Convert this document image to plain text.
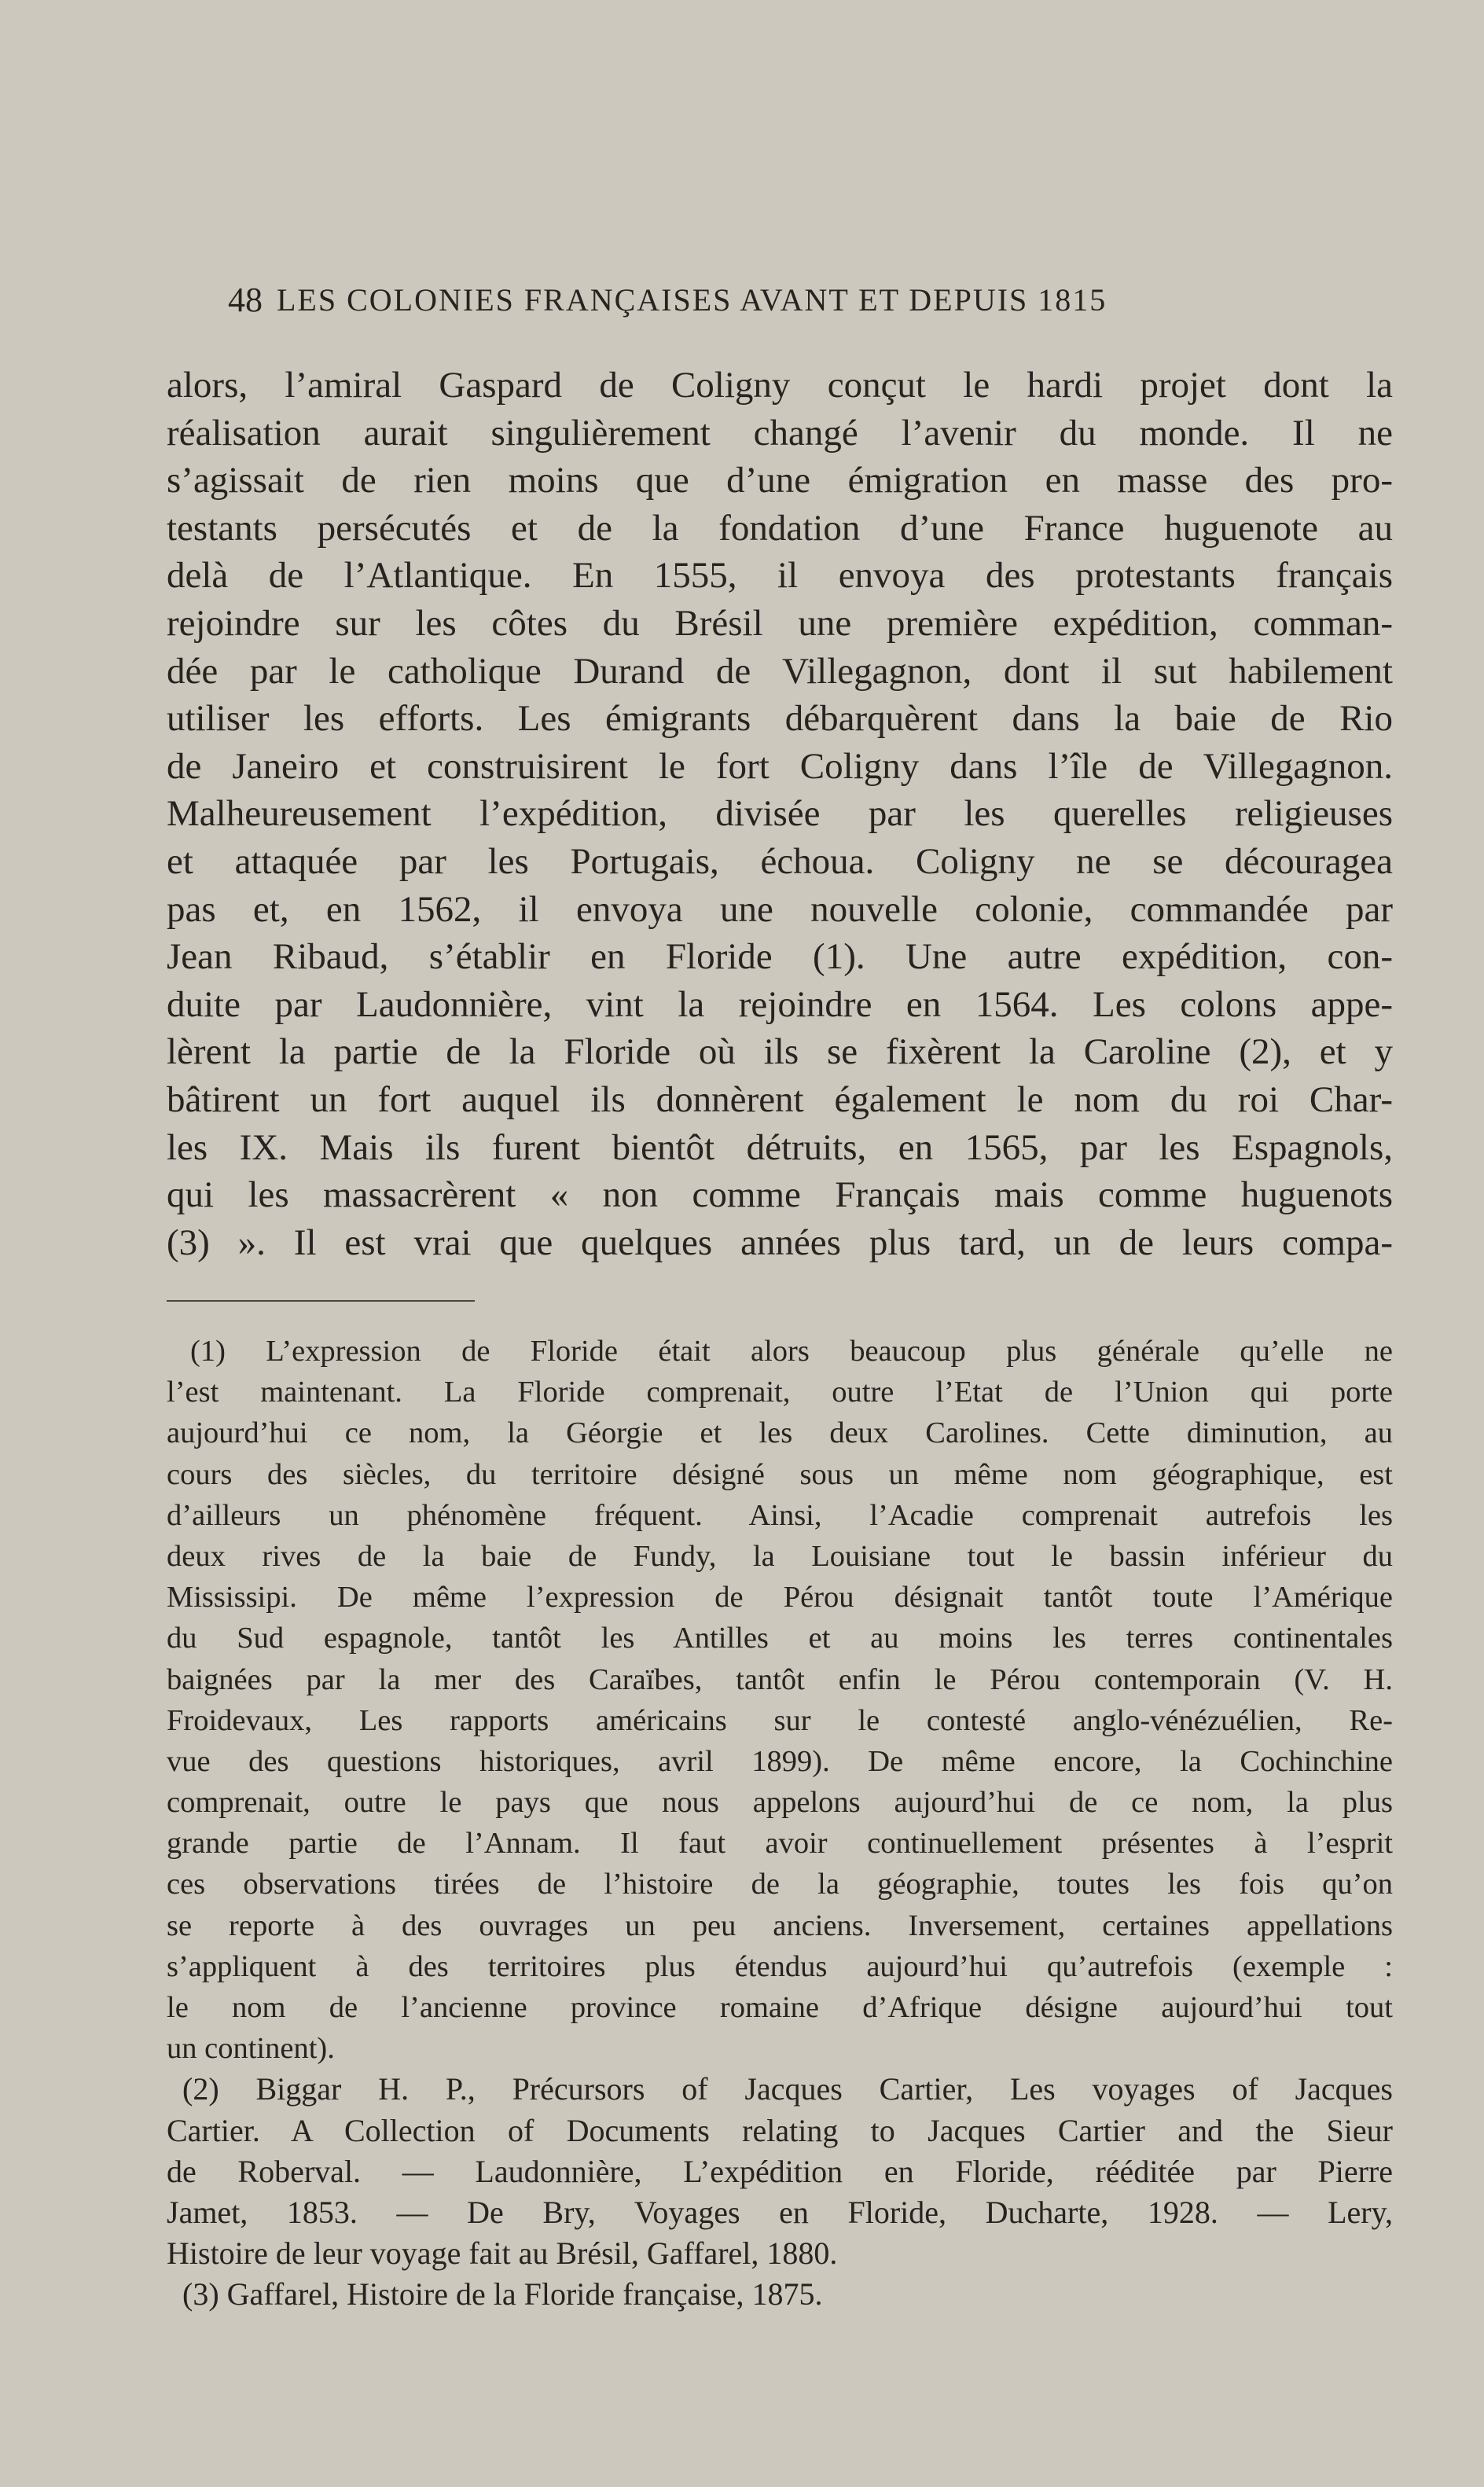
48 LES COLONIES FRANÇAISES AVANT ET DEPUIS 1815
alors, l’amiral Gaspard de Coligny conçut le hardi projet dont la
réalisation aurait singulièrement changé l’avenir du monde. Il ne
s’agissait de rien moins que d’une émigration en masse des pro-
testants persécutés et de la fondation d’une France huguenote au
delà de l’Atlantique. En 1555, il envoya des protestants français
rejoindre sur les côtes du Brésil une première expédition, comman-
dée par le catholique Durand de Villegagnon, dont il sut habilement
utiliser les efforts. Les émigrants débarquèrent dans la baie de Rio
de Janeiro et construisirent le fort Coligny dans l’île de Villegagnon.
Malheureusement l’expédition, divisée par les querelles religieuses
et attaquée par les Portugais, échoua. Coligny ne se découragea
pas et, en 1562, il envoya une nouvelle colonie, commandée par
Jean Ribaud, s’établir en Floride (1). Une autre expédition, con-
duite par Laudonnière, vint la rejoindre en 1564. Les colons appe-
lèrent la partie de la Floride où ils se fixèrent la Caroline (2), et y
bâtirent un fort auquel ils donnèrent également le nom du roi Char-
les IX. Mais ils furent bientôt détruits, en 1565, par les Espagnols,
qui les massacrèrent « non comme Français mais comme huguenots
(3) ». Il est vrai que quelques années plus tard, un de leurs compa-
(1) L’expression de Floride était alors beaucoup plus générale qu’elle ne
l’est maintenant. La Floride comprenait, outre l’Etat de l’Union qui porte
aujourd’hui ce nom, la Géorgie et les deux Carolines. Cette diminution, au
cours des siècles, du territoire désigné sous un même nom géographique, est
d’ailleurs un phénomène fréquent. Ainsi, l’Acadie comprenait autrefois les
deux rives de la baie de Fundy, la Louisiane tout le bassin inférieur du
Mississipi. De même l’expression de Pérou désignait tantôt toute l’Amérique
du Sud espagnole, tantôt les Antilles et au moins les terres continentales
baignées par la mer des Caraïbes, tantôt enfin le Pérou contemporain (V. H.
Froidevaux, Les rapports américains sur le contesté anglo-vénézuélien, Re-
vue des questions historiques, avril 1899). De même encore, la Cochinchine
comprenait, outre le pays que nous appelons aujourd’hui de ce nom, la plus
grande partie de l’Annam. Il faut avoir continuellement présentes à l’esprit
ces observations tirées de l’histoire de la géographie, toutes les fois qu’on
se reporte à des ouvrages un peu anciens. Inversement, certaines appellations
s’appliquent à des territoires plus étendus aujourd’hui qu’autrefois (exemple :
le nom de l’ancienne province romaine d’Afrique désigne aujourd’hui tout
un continent).
(2) Biggar H. P., Précursors of Jacques Cartier, Les voyages of Jacques
Cartier. A Collection of Documents relating to Jacques Cartier and the Sieur
de Roberval. — Laudonnière, L’expédition en Floride, rééditée par Pierre
Jamet, 1853. — De Bry, Voyages en Floride, Ducharte, 1928. — Lery,
Histoire de leur voyage fait au Brésil, Gaffarel, 1880.
(3) Gaffarel, Histoire de la Floride française, 1875.
